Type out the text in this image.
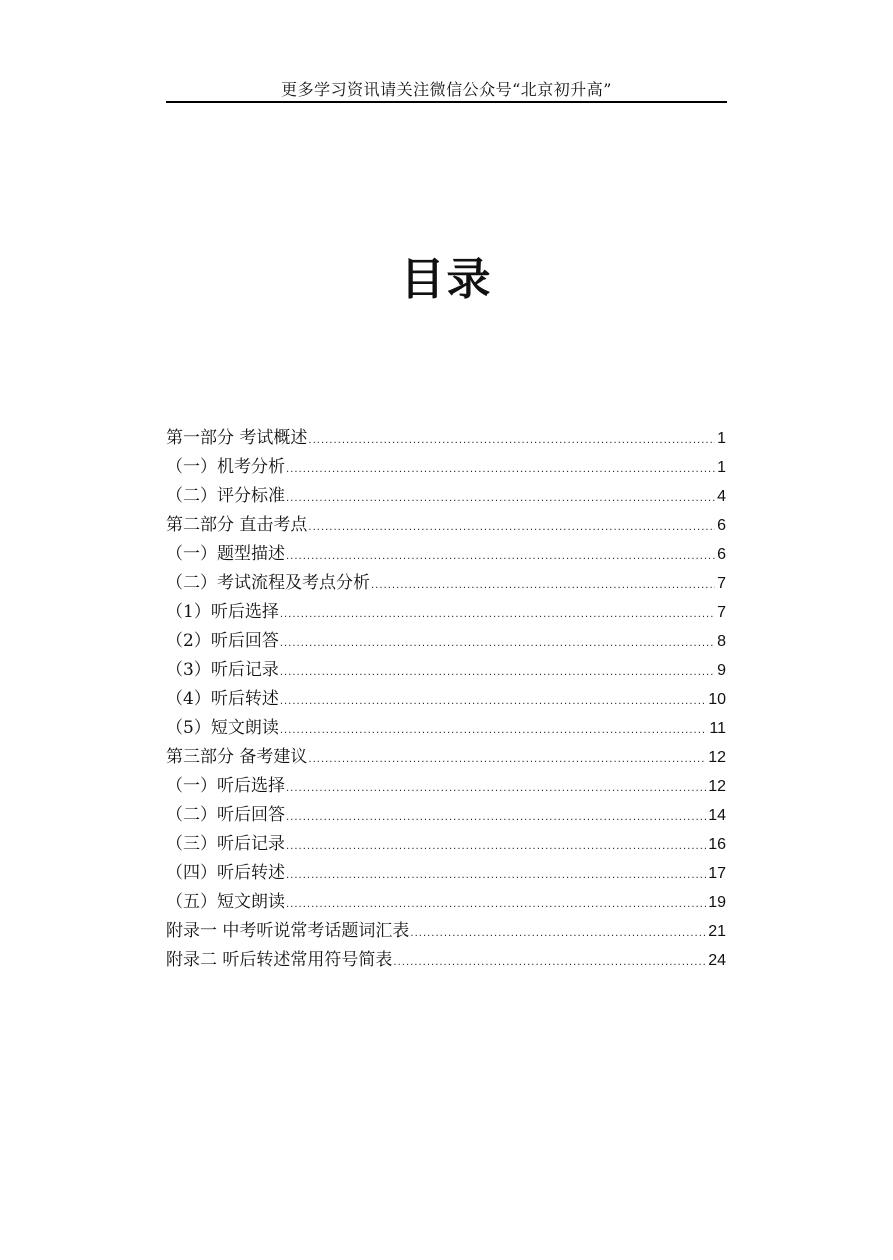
更多学习资讯请关注微信公众号“北京初升高”
目录
第一部分 考试概述 .....	1
（一）机考分析 .....	1
（二）评分标准 .....	4
第二部分 直击考点 .....	6
（一）题型描述 .....	6
（二）考试流程及考点分析 .....	7
（1）听后选择 .....	7
（2）听后回答 .....	8
（3）听后记录 .....	9
（4）听后转述 .....	10
（5）短文朗读 .....	11
第三部分 备考建议 .....	12
（一）听后选择 .....	12
（二）听后回答 .....	14
（三）听后记录 .....	16
（四）听后转述 .....	17
（五）短文朗读 .....	19
附录一 中考听说常考话题词汇表 .....	21
附录二 听后转述常用符号简表 .....	24
